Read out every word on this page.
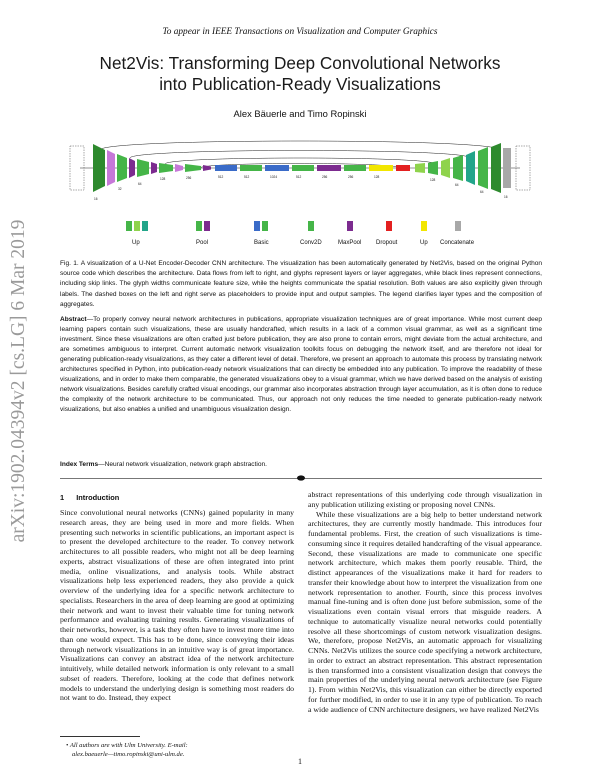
To appear in IEEE Transactions on Visualization and Computer Graphics
Net2Vis: Transforming Deep Convolutional Networks
into Publication-Ready Visualizations
Alex Bäuerle and Timo Ropinski
arXiv:1902.04394v2 [cs.LG] 6 Mar 2019
16
32
64
128	256	512	512	1024	512	256	256	128
128
64
64
16
Up	Pool	Basic	Conv2D	MaxPool Dropout	Up Concatenate
Fig. 1. A visualization of a U-Net Encoder-Decoder CNN architecture. The visualization has been automatically generated by Net2Vis, based on the original Python source code which describes the architecture. Data flows from left to right, and glyphs represent layers or layer aggregates, while black lines represent connections, including skip links. The glyph widths communicate feature size, while the heights communicate the spatial resolution. Both values are also explicitly given through labels. The dashed boxes on the left and right serve as placeholders to provide input and output samples. The legend clarifies layer types and the composition of aggregates.
Abstract—To properly convey neural network architectures in publications, appropriate visualization techniques are of great importance. While most current deep learning papers contain such visualizations, these are usually handcrafted, which results in a lack of a common visual grammar, as well as a significant time investment. Since these visualizations are often crafted just before publication, they are also prone to contain errors, might deviate from the actual architecture, and are sometimes ambiguous to interpret. Current automatic network visualization toolkits focus on debugging the network itself, and are therefore not ideal for generating publication-ready visualizations, as they cater a different level of detail. Therefore, we present an approach to automate this process by translating network architectures specified in Python, into publication-ready network visualizations that can directly be embedded into any publication. To improve the readability of these visualizations, and in order to make them comparable, the generated visualizations obey to a visual grammar, which we have derived based on the analysis of existing network visualizations. Besides carefully crafted visual encodings, our grammar also incorporates abstraction through layer accumulation, as it is often done to reduce the complexity of the network architecture to be communicated. Thus, our approach not only reduces the time needed to generate publication-ready network visualizations, but also enables a unified and unambiguous visualization design.
Index Terms—Neural network visualization, network graph abstraction.
1 Introduction

Since convolutional neural networks (CNNs) gained popularity in many research areas, they are being used in more and more fields. When presenting such networks in scientific publications, an important aspect is to present the developed architecture to the reader. To convey network architectures to all possible readers, who might not all be deep learning experts, abstract visualizations of these are often integrated into print media, online visualizations, and analysis tools. While abstract visualizations help less experienced readers, they also provide a quick overview of the underlying idea for a specific network architecture to specialists. Researchers in the area of deep learning are good at optimizing their network and want to invest their valuable time for tuning network performance and evaluating training results. Generating visualizations of their networks, however, is a task they often have to invest more time into than one would expect. This has to be done, since conveying their ideas through network visualizations in an intuitive way is of great importance. Visualizations can convey an abstract idea of the network architecture intuitively, while detailed network information is only relevant to a small subset of readers. Therefore, looking at the code that defines network models to understand the underlying design is something most readers do not want to do. Instead, they expect

abstract representations of this underlying code through visualization in any publication utilizing existing or proposing novel CNNs.

While these visualizations are a big help to better understand network architectures, they are currently mostly handmade. This introduces four fundamental problems. First, the creation of such visualizations is time-consuming since it requires detailed handcrafting of the visual appearance. Second, these visualizations are made to communicate one specific network architecture, which makes them poorly reusable. Third, the distinct appearances of the visualizations make it hard for readers to transfer their knowledge about how to interpret the visualization from one network representation to another. Fourth, since this process involves manual fine-tuning and is often done just before submission, some of the visualizations even contain visual errors that misguide readers. A technique to automatically visualize neural networks could potentially resolve all these shortcomings of custom network visualization designs. We, therefore, propose Net2Vis, an automatic approach for visualizing CNNs. Net2Vis utilizes the source code specifying a network architecture, in order to extract an abstract representation. This abstract representation is then transformed into a consistent visualization design that conveys the main properties of the underlying neural network architecture (see Figure 1). From within Net2Vis, this visualization can either be directly exported for further modified, in order to use it in any type of publication. To reach a wide audience of CNN architecture designers, we have realized Net2Vis

• All authors are with Ulm University. E-mail:
alex.baeuerle—timo.ropinski@uni-ulm.de.
1
